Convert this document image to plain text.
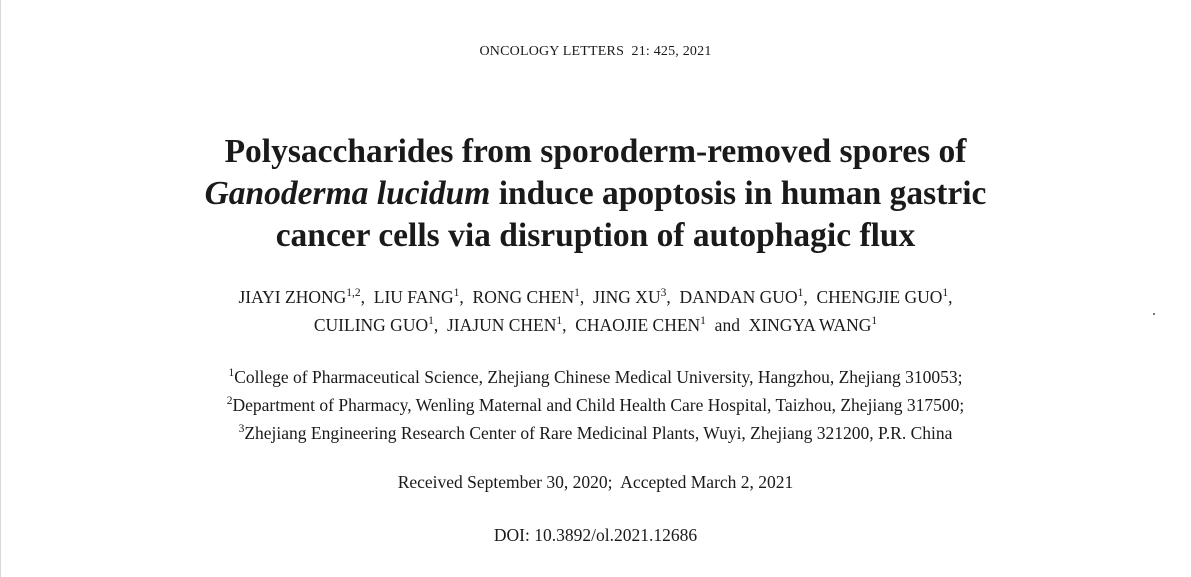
ONCOLOGY LETTERS 21: 425, 2021
Polysaccharides from sporoderm-removed spores of
Ganoderma lucidum induce apoptosis in human gastric
cancer cells via disruption of autophagic flux
JIAYI ZHONG$^{1,2}$, LIU FANG$^1$, RONG CHEN$^1$, JING $XU^3$, DANDAN GUO$^1$, CHENGJIE GUO$^1$,
CUILING GUO$^1$, JIAJUN CHEN$^1$, CHAOJIE CHEN$^1$ and XINGYA WANG$^1$
$^1$College of Pharmaceutical Science, Zhejiang Chinese Medical University, Hangzhou, Zhejiang 310053;
$^2$Department of Pharmacy, Wenling Maternal and Child Health Care Hospital, Taizhou, Zhejiang 317500;
$^3$Zhejiang Engineering Research Center of Rare Medicinal Plants, Wuyi, Zhejiang 321200, P.R. China
Received September 30, 2020; Accepted March 2, 2021
DOI: 10.3892/ol.2021.12686
